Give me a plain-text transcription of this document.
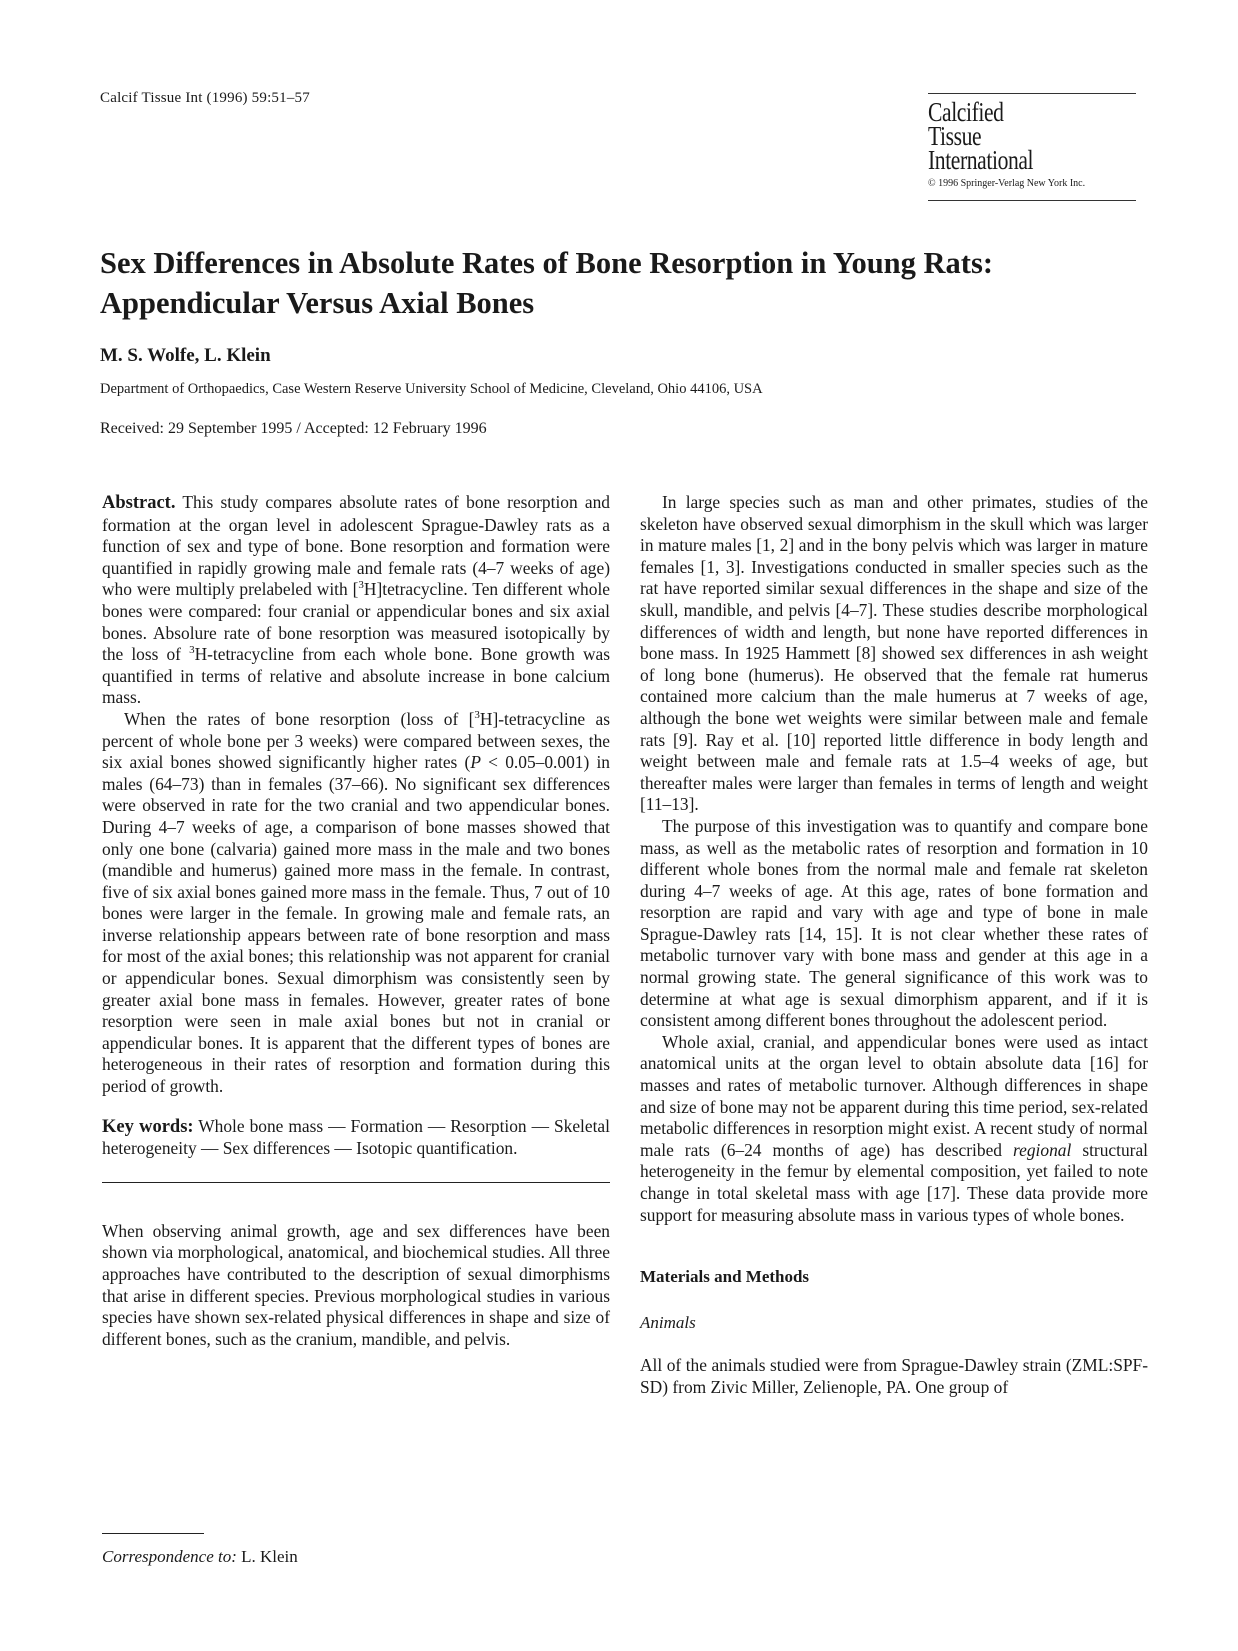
Calcif Tissue Int (1996) 59:51–57	Calcified
Tissue
International
© 1996 Springer-Verlag New York Inc.
Sex Differences in Absolute Rates of Bone Resorption in Young Rats: Appendicular Versus Axial Bones
M. S. Wolfe, L. Klein
Department of Orthopaedics, Case Western Reserve University School of Medicine, Cleveland, Ohio 44106, USA
Received: 29 September 1995 / Accepted: 12 February 1996

Abstract. This study compares absolute rates of bone resorption and formation at the organ level in adolescent Sprague-Dawley rats as a function of sex and type of bone. Bone resorption and formation were quantified in rapidly growing male and female rats (4–7 weeks of age) who were multiply prelabeled with [$^3$H]tetracycline. Ten different whole bones were compared: four cranial or appendicular bones and six axial bones. Absolure rate of bone resorption was measured isotopically by the loss of $^3$H-tetracycline from each whole bone. Bone growth was quantified in terms of relative and absolute increase in bone calcium mass.

When the rates of bone resorption (loss of [$^3$H]-tetracycline as percent of whole bone per 3 weeks) were compared between sexes, the six axial bones showed significantly higher rates (P < 0.05–0.001) in males (64–73) than in females (37–66). No significant sex differences were observed in rate for the two cranial and two appendicular bones. During 4–7 weeks of age, a comparison of bone masses showed that only one bone (calvaria) gained more mass in the male and two bones (mandible and humerus) gained more mass in the female. In contrast, five of six axial bones gained more mass in the female. Thus, 7 out of 10 bones were larger in the female. In growing male and female rats, an inverse relationship appears between rate of bone resorption and mass for most of the axial bones; this relationship was not apparent for cranial or appendicular bones. Sexual dimorphism was consistently seen by greater axial bone mass in females. However, greater rates of bone resorption were seen in male axial bones but not in cranial or appendicular bones. It is apparent that the different types of bones are heterogeneous in their rates of resorption and formation during this period of growth.

Key words: Whole bone mass — Formation — Resorption — Skeletal heterogeneity — Sex differences — Isotopic quantification.

When observing animal growth, age and sex differences have been shown via morphological, anatomical, and biochemical studies. All three approaches have contributed to the description of sexual dimorphisms that arise in different species. Previous morphological studies in various species have shown sex-related physical differences in shape and size of different bones, such as the cranium, mandible, and pelvis.

In large species such as man and other primates, studies of the skeleton have observed sexual dimorphism in the skull which was larger in mature males [1, 2] and in the bony pelvis which was larger in mature females [1, 3]. Investigations conducted in smaller species such as the rat have reported similar sexual differences in the shape and size of the skull, mandible, and pelvis [4–7]. These studies describe morphological differences of width and length, but none have reported differences in bone mass. In 1925 Hammett [8] showed sex differences in ash weight of long bone (humerus). He observed that the female rat humerus contained more calcium than the male humerus at 7 weeks of age, although the bone wet weights were similar between male and female rats [9]. Ray et al. [10] reported little difference in body length and weight between male and female rats at 1.5–4 weeks of age, but thereafter males were larger than females in terms of length and weight [11–13].

The purpose of this investigation was to quantify and compare bone mass, as well as the metabolic rates of resorption and formation in 10 different whole bones from the normal male and female rat skeleton during 4–7 weeks of age. At this age, rates of bone formation and resorption are rapid and vary with age and type of bone in male Sprague-Dawley rats [14, 15]. It is not clear whether these rates of metabolic turnover vary with bone mass and gender at this age in a normal growing state. The general significance of this work was to determine at what age is sexual dimorphism apparent, and if it is consistent among different bones throughout the adolescent period.

Whole axial, cranial, and appendicular bones were used as intact anatomical units at the organ level to obtain absolute data [16] for masses and rates of metabolic turnover. Although differences in shape and size of bone may not be apparent during this time period, sex-related metabolic differences in resorption might exist. A recent study of normal male rats (6–24 months of age) has described regional structural heterogeneity in the femur by elemental composition, yet failed to note change in total skeletal mass with age [17]. These data provide more support for measuring absolute mass in various types of whole bones.

Materials and Methods

Animals

All of the animals studied were from Sprague-Dawley strain (ZML:SPF-SD) from Zivic Miller, Zelienople, PA. One group of

Correspondence to: L. Klein
